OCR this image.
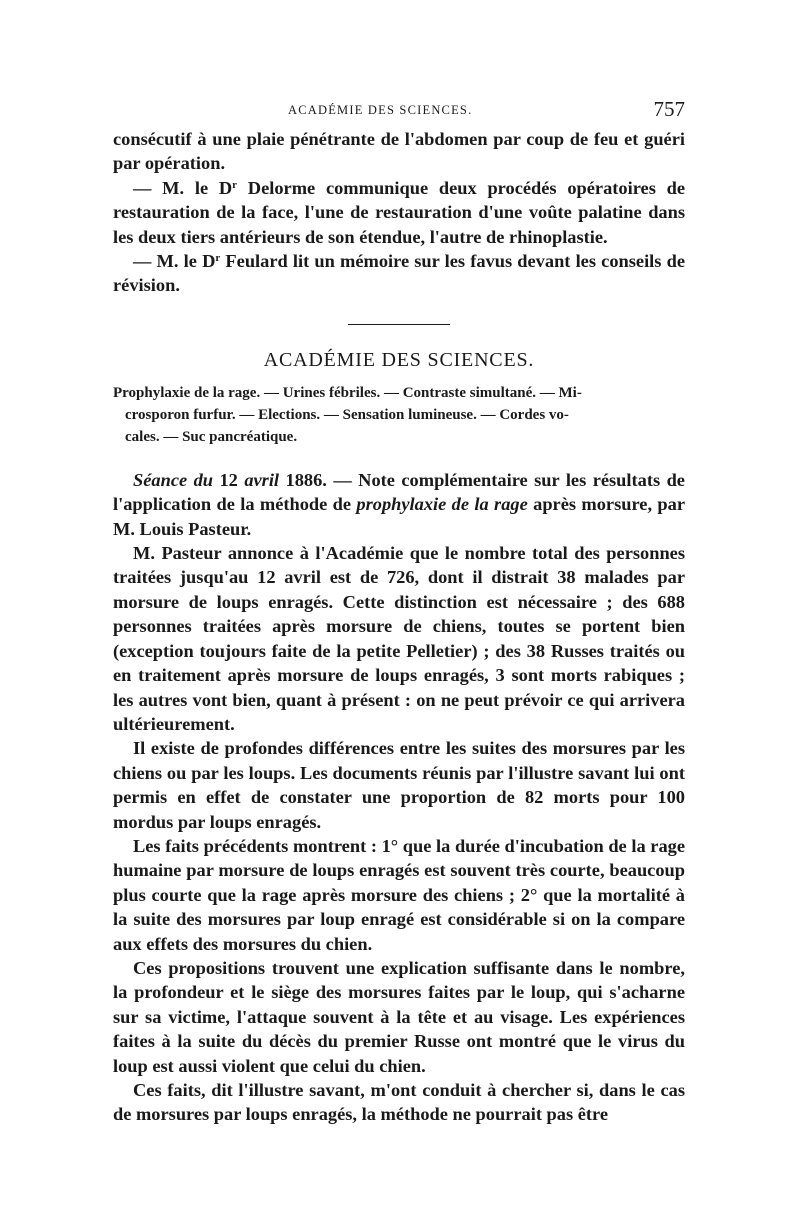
ACADÉMIE DES SCIENCES.	757

consécutif à une plaie pénétrante de l'abdomen par coup de feu et guéri par opération.

— M. le $D^r$ Delorme communique deux procédés opératoires de restauration de la face, l'une de restauration d'une voûte palatine dans les deux tiers antérieurs de son étendue, l'autre de rhinoplastie.

— M. le $D^r$ Feulard lit un mémoire sur les favus devant les conseils de révision.

ACADÉMIE DES SCIENCES.
Prophylaxie de la rage. — Urines fébriles. — Contraste simultané. — Mi-
crosporon furfur. — Elections. — Sensation lumineuse. — Cordes vo-
cales. — Suc pancréatique.

Séance du 12 avril 1886. — Note complémentaire sur les résultats de l'application de la méthode de prophylaxie de la rage après morsure, par M. Louis Pasteur.

M. Pasteur annonce à l'Académie que le nombre total des personnes traitées jusqu'au 12 avril est de 726, dont il distrait 38 malades par morsure de loups enragés. Cette distinction est nécessaire ; des 688 personnes traitées après morsure de chiens, toutes se portent bien (exception toujours faite de la petite Pelletier) ; des 38 Russes traités ou en traitement après morsure de loups enragés, 3 sont morts rabiques ; les autres vont bien, quant à présent : on ne peut prévoir ce qui arrivera ultérieurement.

Il existe de profondes différences entre les suites des morsures par les chiens ou par les loups. Les documents réunis par l'illustre savant lui ont permis en effet de constater une proportion de 82 morts pour 100 mordus par loups enragés.

Les faits précédents montrent : 1° que la durée d'incubation de la rage humaine par morsure de loups enragés est souvent très courte, beaucoup plus courte que la rage après morsure des chiens ; 2° que la mortalité à la suite des morsures par loup enragé est considérable si on la compare aux effets des morsures du chien.

Ces propositions trouvent une explication suffisante dans le nombre, la profondeur et le siège des morsures faites par le loup, qui s'acharne sur sa victime, l'attaque souvent à la tête et au visage. Les expériences faites à la suite du décès du premier Russe ont montré que le virus du loup est aussi violent que celui du chien.

Ces faits, dit l'illustre savant, m'ont conduit à chercher si, dans le cas de morsures par loups enragés, la méthode ne pourrait pas être
